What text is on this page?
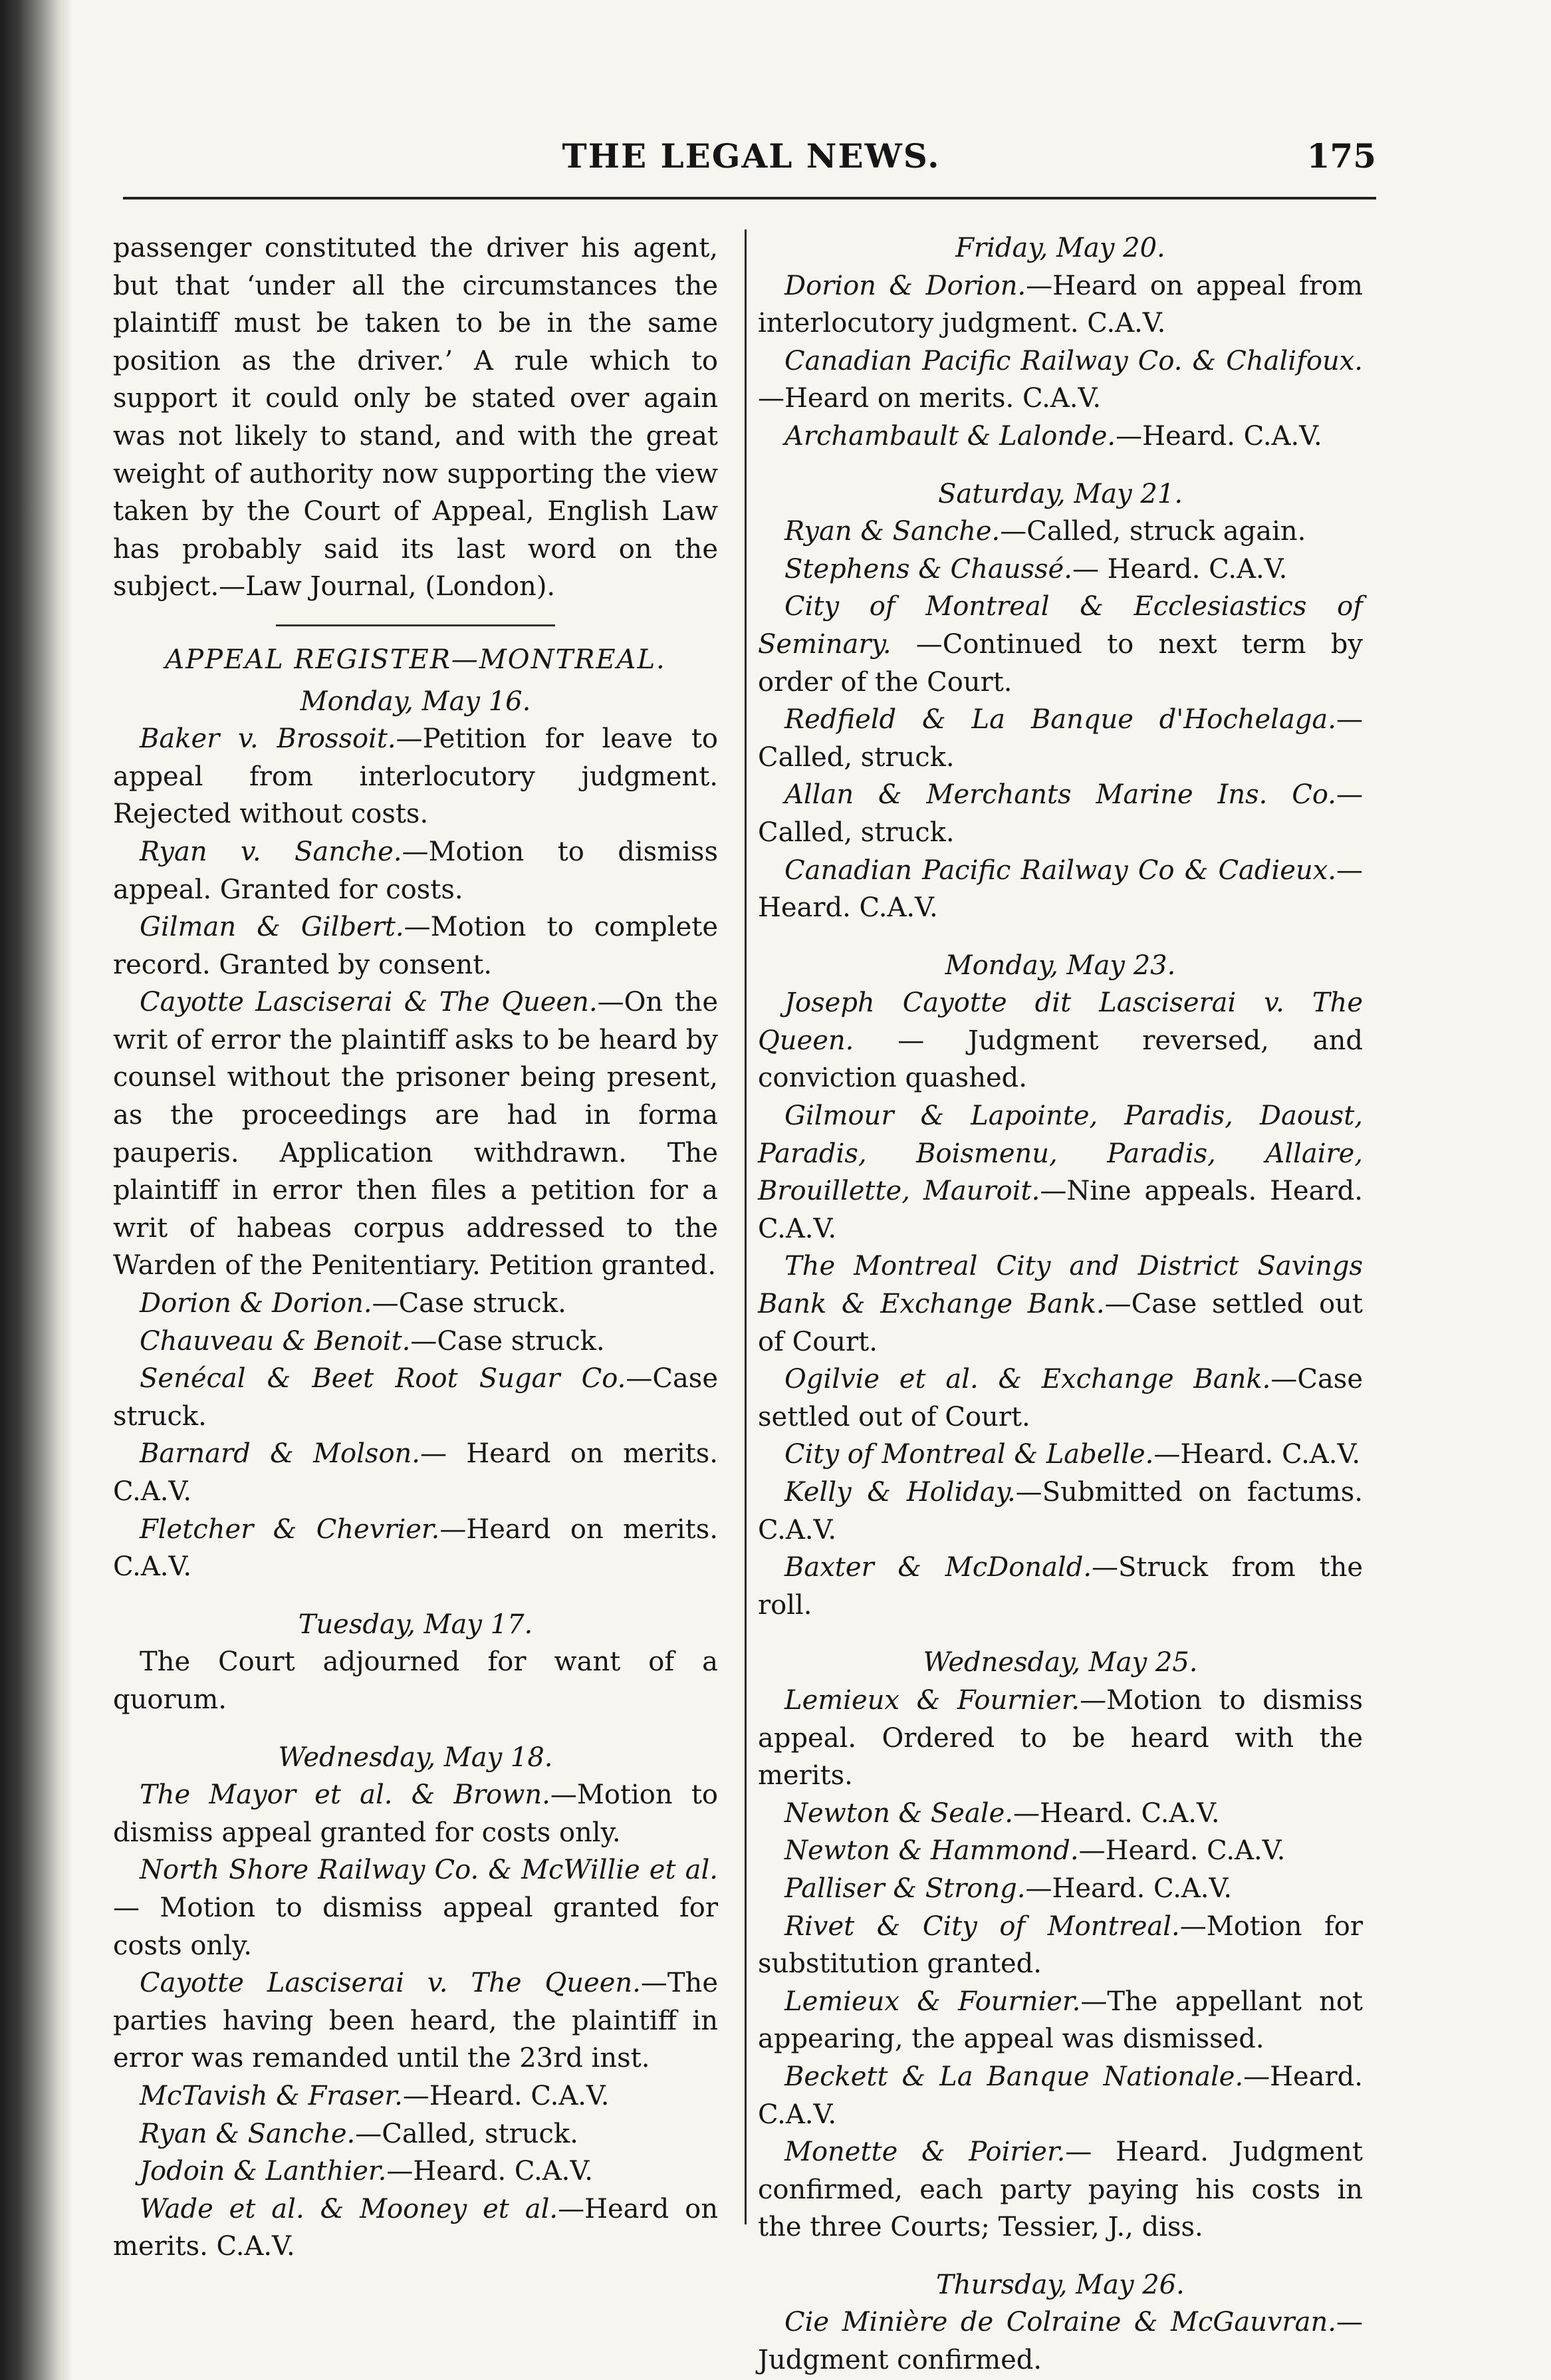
THE LEGAL NEWS.	175

passenger constituted the driver his agent, but that ‘under all the circumstances the plaintiff must be taken to be in the same position as the driver.’ A rule which to support it could only be stated over again was not likely to stand, and with the great weight of authority now supporting the view taken by the Court of Appeal, English Law has probably said its last word on the subject.—Law Journal, (London).

APPEAL REGISTER—MONTREAL.

Monday, May 16.

Baker v. Brossoit.—Petition for leave to appeal from interlocutory judgment. Rejected without costs.

Ryan v. Sanche.—Motion to dismiss appeal. Granted for costs.

Gilman & Gilbert.—Motion to complete record. Granted by consent.

Cayotte Lasciserai & The Queen.—On the writ of error the plaintiff asks to be heard by counsel without the prisoner being present, as the proceedings are had in forma pauperis. Application withdrawn. The plaintiff in error then files a petition for a writ of habeas corpus addressed to the Warden of the Penitentiary. Petition granted.

Dorion & Dorion.—Case struck.

Chauveau & Benoit.—Case struck.

Senécal & Beet Root Sugar Co.—Case struck.

Barnard & Molson.— Heard on merits. C.A.V.

Fletcher & Chevrier.—Heard on merits. C.A.V.

Tuesday, May 17.

The Court adjourned for want of a quorum.

Wednesday, May 18.

The Mayor et al. & Brown.—Motion to dismiss appeal granted for costs only.

North Shore Railway Co. & McWillie et al.— Motion to dismiss appeal granted for costs only.

Cayotte Lasciserai v. The Queen.—The parties having been heard, the plaintiff in error was remanded until the 23rd inst.

McTavish & Fraser.—Heard. C.A.V.

Ryan & Sanche.—Called, struck.

Jodoin & Lanthier.—Heard. C.A.V.

Wade et al. & Mooney et al.—Heard on merits. C.A.V.

Friday, May 20.

Dorion & Dorion.—Heard on appeal from interlocutory judgment. C.A.V.

Canadian Pacific Railway Co. & Chalifoux. —Heard on merits. C.A.V.

Archambault & Lalonde.—Heard. C.A.V.

Saturday, May 21.

Ryan & Sanche.—Called, struck again.

Stephens & Chaussé.— Heard. C.A.V.

City of Montreal & Ecclesiastics of Seminary. —Continued to next term by order of the Court.

Redfield & La Banque d'Hochelaga.—Called, struck.

Allan & Merchants Marine Ins. Co.—Called, struck.

Canadian Pacific Railway Co & Cadieux.— Heard. C.A.V.

Monday, May 23.

Joseph Cayotte dit Lasciserai v. The Queen. — Judgment reversed, and conviction quashed.

Gilmour & Lapointe, Paradis, Daoust, Paradis, Boismenu, Paradis, Allaire, Brouillette, Mauroit.—Nine appeals. Heard. C.A.V.

The Montreal City and District Savings Bank & Exchange Bank.—Case settled out of Court.

Ogilvie et al. & Exchange Bank.—Case settled out of Court.

City of Montreal & Labelle.—Heard. C.A.V.

Kelly & Holiday.—Submitted on factums. C.A.V.

Baxter & McDonald.—Struck from the roll.

Wednesday, May 25.

Lemieux & Fournier.—Motion to dismiss appeal. Ordered to be heard with the merits.

Newton & Seale.—Heard. C.A.V.

Newton & Hammond.—Heard. C.A.V.

Palliser & Strong.—Heard. C.A.V.

Rivet & City of Montreal.—Motion for substitution granted.

Lemieux & Fournier.—The appellant not appearing, the appeal was dismissed.

Beckett & La Banque Nationale.—Heard. C.A.V.

Monette & Poirier.— Heard. Judgment confirmed, each party paying his costs in the three Courts; Tessier, J., diss.

Thursday, May 26.

Cie Minière de Colraine & McGauvran.— Judgment confirmed.
